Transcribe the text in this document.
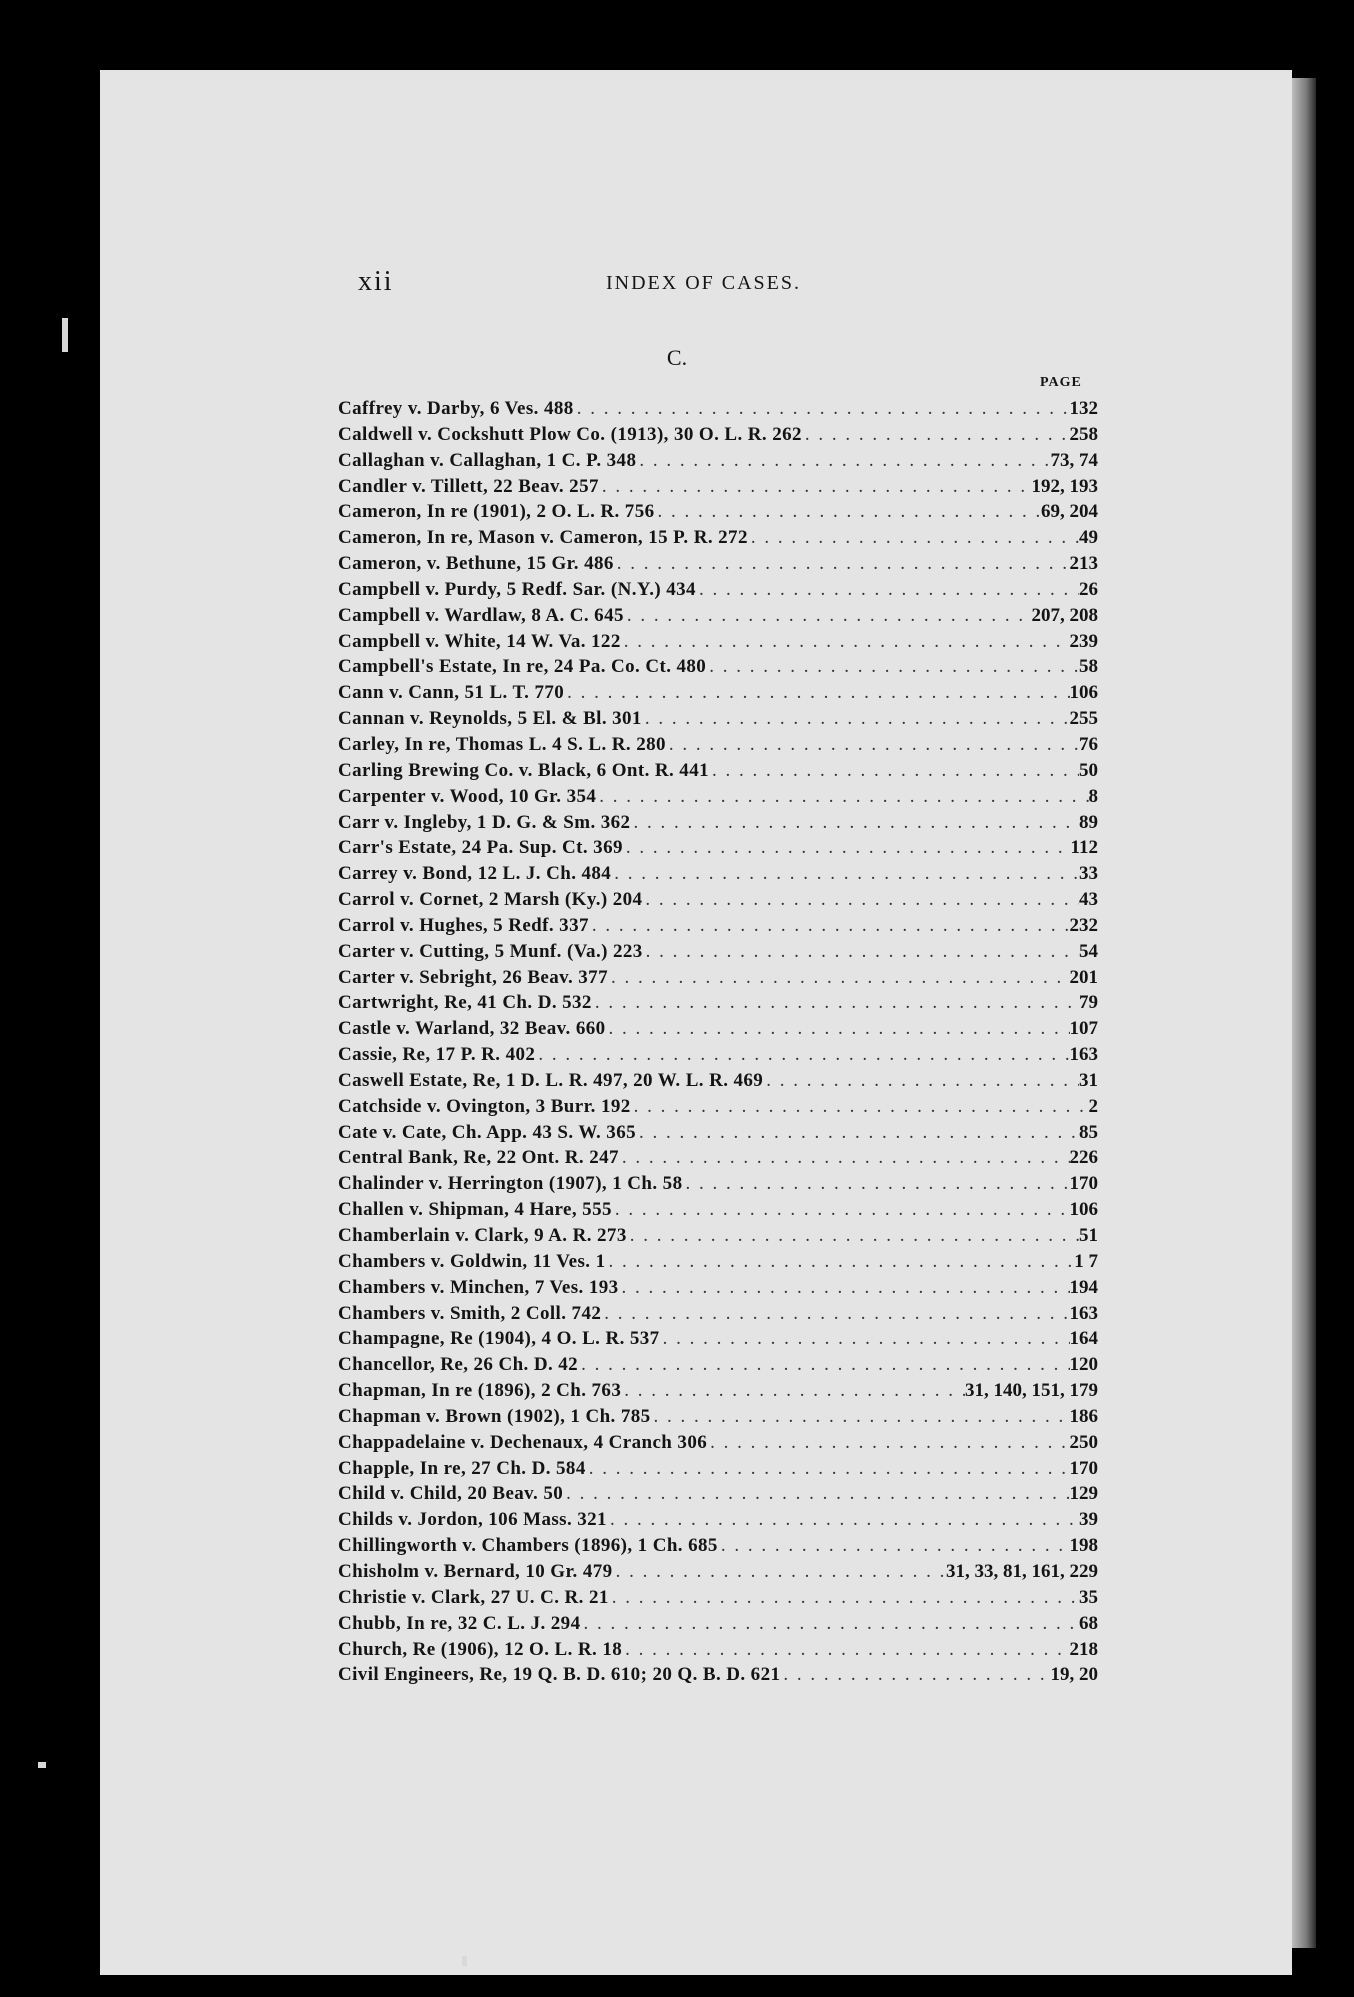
xii	INDEX OF CASES.
C.
PAGE
Caffrey v. Darby, 6 Ves. 488 . . .	132
Caldwell v. Cockshutt Plow Co. (1913), 30 O. L. R. 262 . . .	258
Callaghan v. Callaghan, 1 C. P. 348 . . .	73, 74
Candler v. Tillett, 22 Beav. 257 . . .	192, 193
Cameron, In re (1901), 2 O. L. R. 756 . . .	69, 204
Cameron, In re, Mason v. Cameron, 15 P. R. 272 . . .	49
Cameron, v. Bethune, 15 Gr. 486 . . .	213
Campbell v. Purdy, 5 Redf. Sar. (N.Y.) 434 . . .	26
Campbell v. Wardlaw, 8 A. C. 645 . . .	207, 208
Campbell v. White, 14 W. Va. 122 . . .	239
Campbell's Estate, In re, 24 Pa. Co. Ct. 480 . . .	58
Cann v. Cann, 51 L. T. 770 . . .	106
Cannan v. Reynolds, 5 El. & Bl. 301 . . .	255
Carley, In re, Thomas L. 4 S. L. R. 280 . . .	76
Carling Brewing Co. v. Black, 6 Ont. R. 441 . . .	50
Carpenter v. Wood, 10 Gr. 354 . . .	8
Carr v. Ingleby, 1 D. G. & Sm. 362 . . .	89
Carr's Estate, 24 Pa. Sup. Ct. 369 . . .	112
Carrey v. Bond, 12 L. J. Ch. 484 . . .	33
Carrol v. Cornet, 2 Marsh (Ky.) 204 . . .	43
Carrol v. Hughes, 5 Redf. 337 . . .	232
Carter v. Cutting, 5 Munf. (Va.) 223 . . .	54
Carter v. Sebright, 26 Beav. 377 . . .	201
Cartwright, Re, 41 Ch. D. 532 . . .	79
Castle v. Warland, 32 Beav. 660 . . .	107
Cassie, Re, 17 P. R. 402 . . .	163
Caswell Estate, Re, 1 D. L. R. 497, 20 W. L. R. 469 . . .	31
Catchside v. Ovington, 3 Burr. 192 . . .	2
Cate v. Cate, Ch. App. 43 S. W. 365 . . .	85
Central Bank, Re, 22 Ont. R. 247 . . .	226
Chalinder v. Herrington (1907), 1 Ch. 58 . . .	170
Challen v. Shipman, 4 Hare, 555 . . .	106
Chamberlain v. Clark, 9 A. R. 273 . . .	51
Chambers v. Goldwin, 11 Ves. 1 . . .	1 7
Chambers v. Minchen, 7 Ves. 193 . . .	194
Chambers v. Smith, 2 Coll. 742 . . .	163
Champagne, Re (1904), 4 O. L. R. 537 . . .	164
Chancellor, Re, 26 Ch. D. 42 . . .	120
Chapman, In re (1896), 2 Ch. 763 . . .	31, 140, 151, 179
Chapman v. Brown (1902), 1 Ch. 785 . . .	186
Chappadelaine v. Dechenaux, 4 Cranch 306 . . .	250
Chapple, In re, 27 Ch. D. 584 . . .	170
Child v. Child, 20 Beav. 50 . . .	129
Childs v. Jordon, 106 Mass. 321 . . .	39
Chillingworth v. Chambers (1896), 1 Ch. 685 . . .	198
Chisholm v. Bernard, 10 Gr. 479 . . .	31, 33, 81, 161, 229
Christie v. Clark, 27 U. C. R. 21 . . .	35
Chubb, In re, 32 C. L. J. 294 . . .	68
Church, Re (1906), 12 O. L. R. 18 . . .	218
Civil Engineers, Re, 19 Q. B. D. 610; 20 Q. B. D. 621 . . .	19, 20
